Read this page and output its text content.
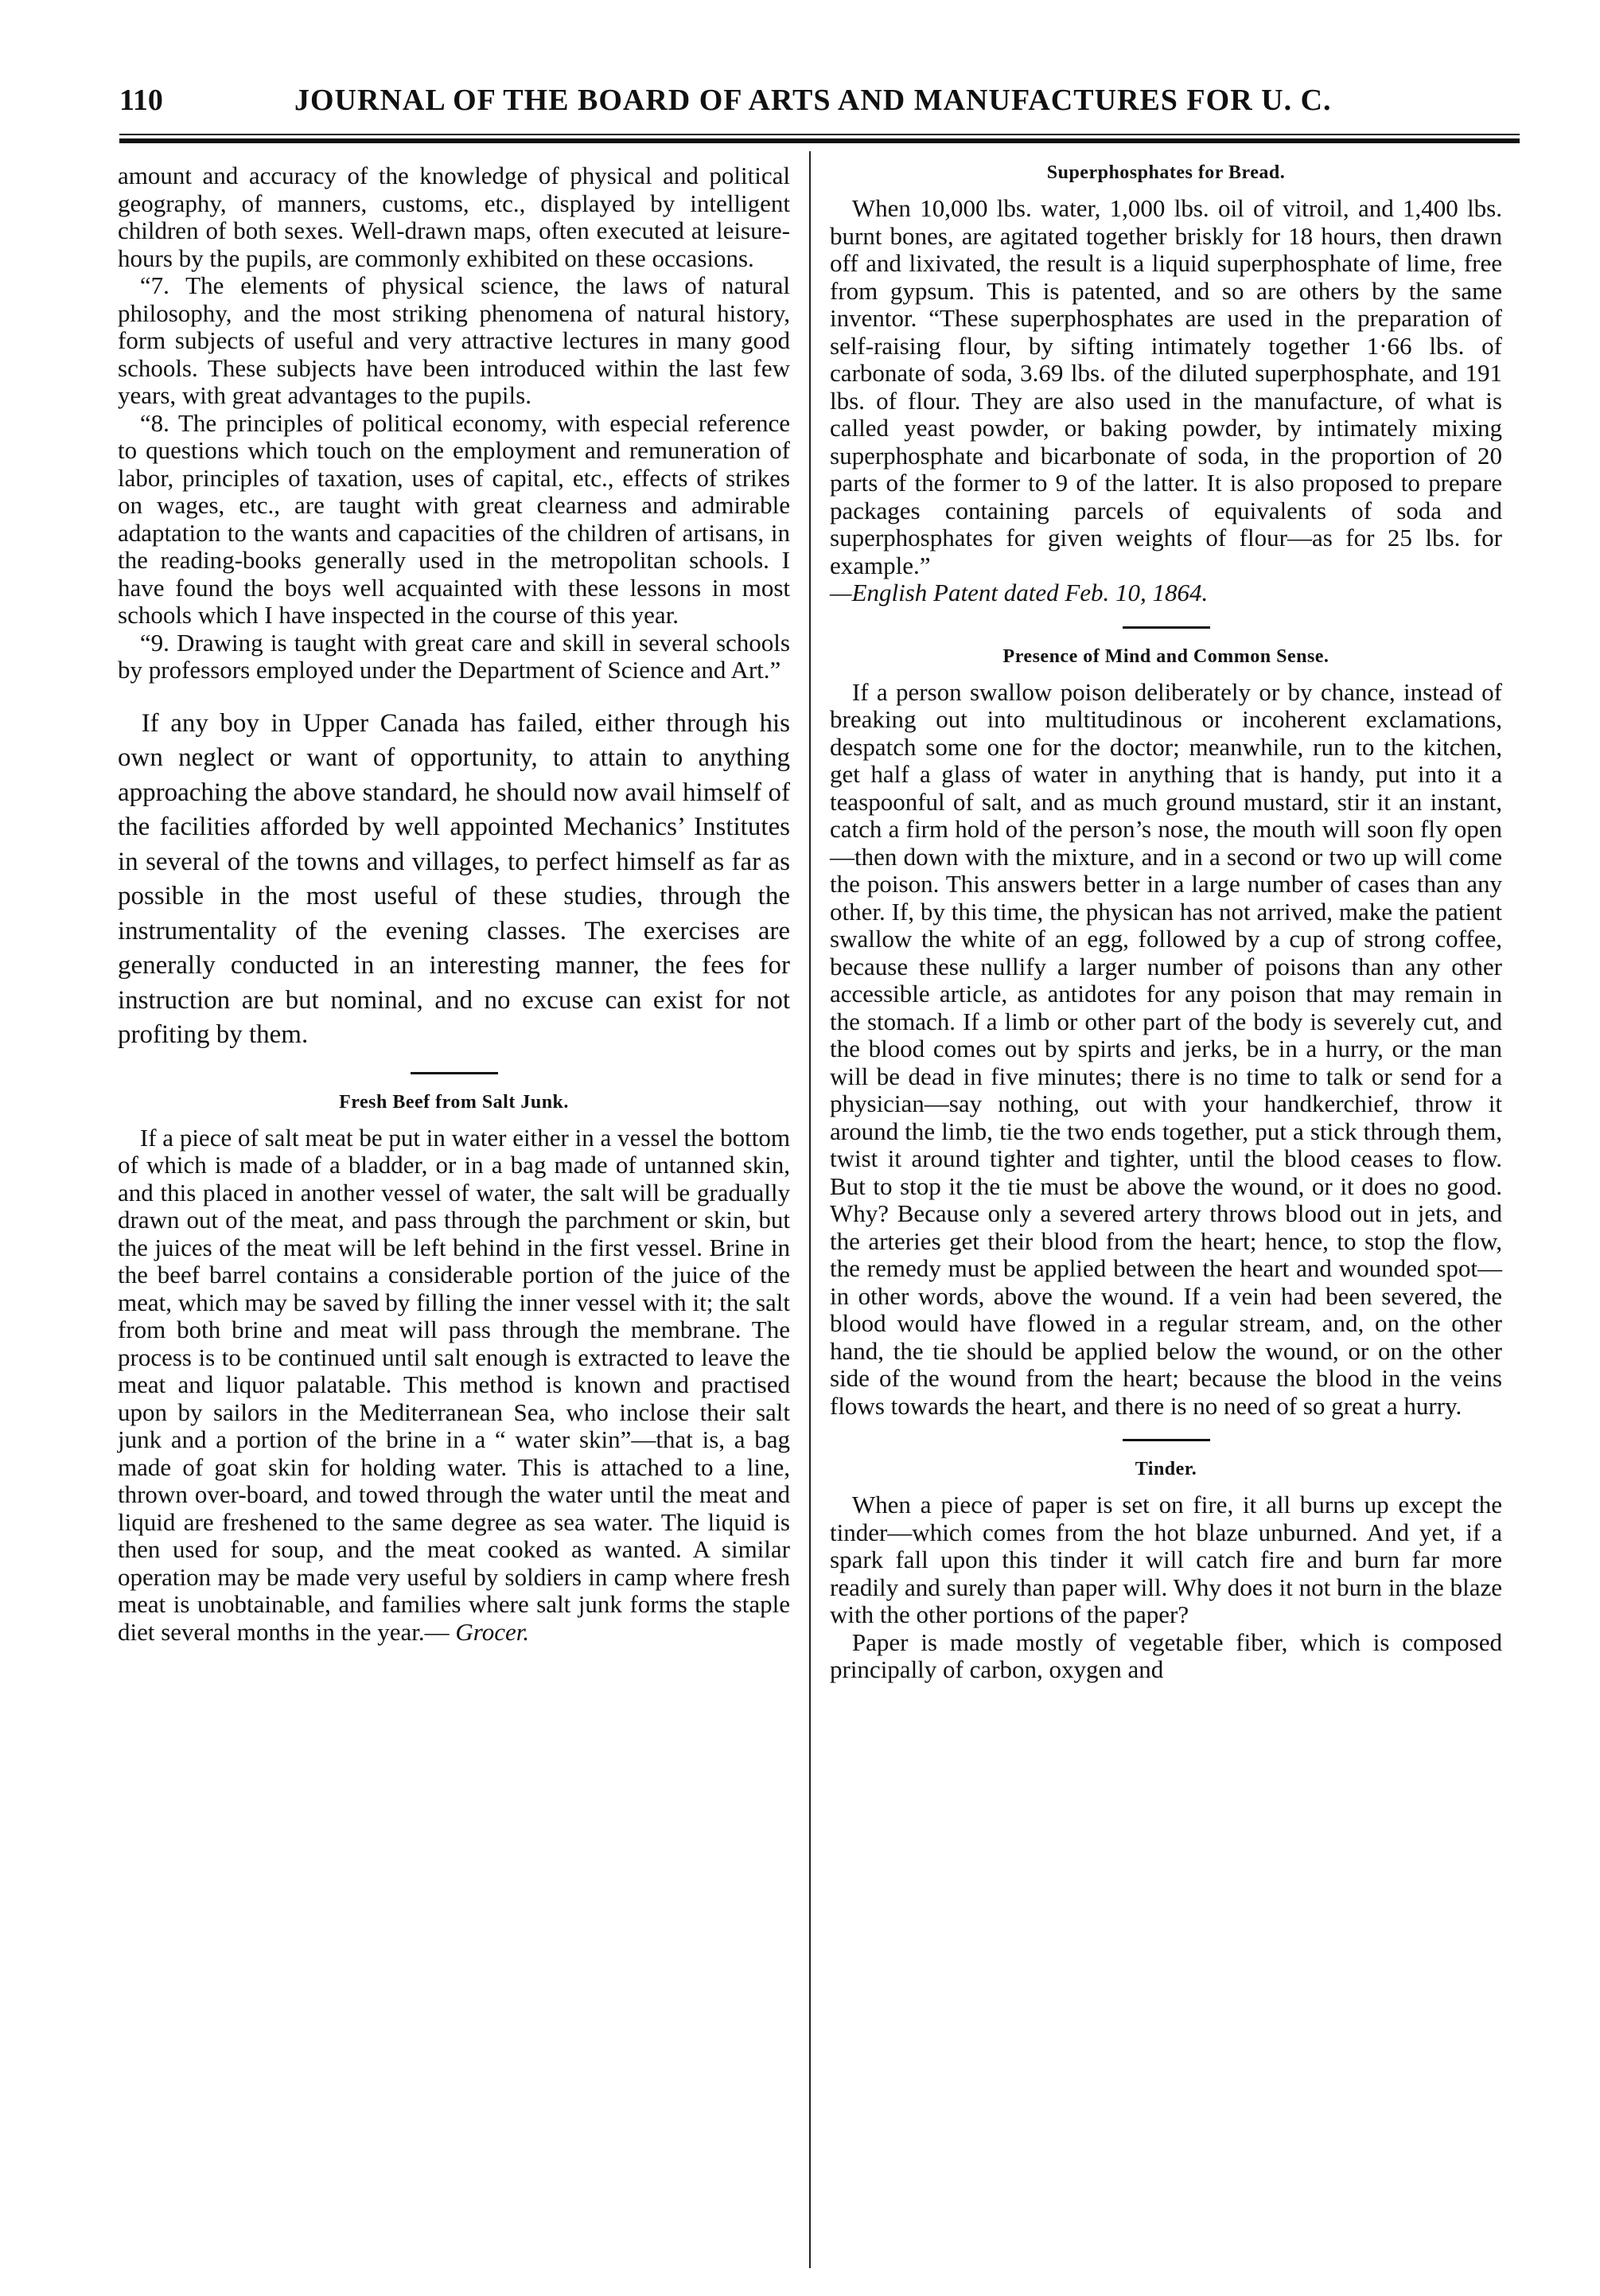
110	JOURNAL OF THE BOARD OF ARTS AND MANUFACTURES FOR U. C.

amount and accuracy of the knowledge of physical and political geography, of manners, customs, etc., displayed by intelligent children of both sexes. Well-drawn maps, often executed at leisure-hours by the pupils, are commonly exhibited on these occasions.

“7. The elements of physical science, the laws of natural philosophy, and the most striking phenomena of natural history, form subjects of useful and very attractive lectures in many good schools. These subjects have been introduced within the last few years, with great advantages to the pupils.

“8. The principles of political economy, with especial reference to questions which touch on the employment and remuneration of labor, principles of taxation, uses of capital, etc., effects of strikes on wages, etc., are taught with great clearness and admirable adaptation to the wants and capacities of the children of artisans, in the reading-books generally used in the metropolitan schools. I have found the boys well acquainted with these lessons in most schools which I have inspected in the course of this year.

“9. Drawing is taught with great care and skill in several schools by professors employed under the Department of Science and Art.”

If any boy in Upper Canada has failed, either through his own neglect or want of opportunity, to attain to anything approaching the above standard, he should now avail himself of the facilities afforded by well appointed Mechanics’ Institutes in several of the towns and villages, to perfect himself as far as possible in the most useful of these studies, through the instrumentality of the evening classes. The exercises are generally conducted in an interesting manner, the fees for instruction are but nominal, and no excuse can exist for not profiting by them.

Fresh Beef from Salt Junk.

If a piece of salt meat be put in water either in a vessel the bottom of which is made of a bladder, or in a bag made of untanned skin, and this placed in another vessel of water, the salt will be gradually drawn out of the meat, and pass through the parchment or skin, but the juices of the meat will be left behind in the first vessel. Brine in the beef barrel contains a considerable portion of the juice of the meat, which may be saved by filling the inner vessel with it; the salt from both brine and meat will pass through the membrane. The process is to be continued until salt enough is extracted to leave the meat and liquor palatable. This method is known and practised upon by sailors in the Mediterranean Sea, who inclose their salt junk and a portion of the brine in a “ water skin”—that is, a bag made of goat skin for holding water. This is attached to a line, thrown over-board, and towed through the water until the meat and liquid are freshened to the same degree as sea water. The liquid is then used for soup, and the meat cooked as wanted. A similar operation may be made very useful by soldiers in camp where fresh meat is unobtainable, and families where salt junk forms the staple diet several months in the year.— Grocer.

Superphosphates for Bread.

When 10,000 lbs. water, 1,000 lbs. oil of vitroil, and 1,400 lbs. burnt bones, are agitated together briskly for 18 hours, then drawn off and lixivated, the result is a liquid superphosphate of lime, free from gypsum. This is patented, and so are others by the same inventor. “These superphosphates are used in the preparation of self-raising flour, by sifting intimately together 1·66 lbs. of carbonate of soda, 3.69 lbs. of the diluted superphosphate, and 191 lbs. of flour. They are also used in the manufacture, of what is called yeast powder, or baking powder, by intimately mixing superphosphate and bicarbonate of soda, in the proportion of 20 parts of the former to 9 of the latter. It is also proposed to prepare packages containing parcels of equivalents of soda and superphosphates for given weights of flour—as for 25 lbs. for example.”

—English Patent dated Feb. 10, 1864.

Presence of Mind and Common Sense.

If a person swallow poison deliberately or by chance, instead of breaking out into multitudinous or incoherent exclamations, despatch some one for the doctor; meanwhile, run to the kitchen, get half a glass of water in anything that is handy, put into it a teaspoonful of salt, and as much ground mustard, stir it an instant, catch a firm hold of the person’s nose, the mouth will soon fly open—then down with the mixture, and in a second or two up will come the poison. This answers better in a large number of cases than any other. If, by this time, the physican has not arrived, make the patient swallow the white of an egg, followed by a cup of strong coffee, because these nullify a larger number of poisons than any other accessible article, as antidotes for any poison that may remain in the stomach. If a limb or other part of the body is severely cut, and the blood comes out by spirts and jerks, be in a hurry, or the man will be dead in five minutes; there is no time to talk or send for a physician—say nothing, out with your handkerchief, throw it around the limb, tie the two ends together, put a stick through them, twist it around tighter and tighter, until the blood ceases to flow. But to stop it the tie must be above the wound, or it does no good. Why? Because only a severed artery throws blood out in jets, and the arteries get their blood from the heart; hence, to stop the flow, the remedy must be applied between the heart and wounded spot—in other words, above the wound. If a vein had been severed, the blood would have flowed in a regular stream, and, on the other hand, the tie should be applied below the wound, or on the other side of the wound from the heart; because the blood in the veins flows towards the heart, and there is no need of so great a hurry.

Tinder.

When a piece of paper is set on fire, it all burns up except the tinder—which comes from the hot blaze unburned. And yet, if a spark fall upon this tinder it will catch fire and burn far more readily and surely than paper will. Why does it not burn in the blaze with the other portions of the paper?

Paper is made mostly of vegetable fiber, which is composed principally of carbon, oxygen and
